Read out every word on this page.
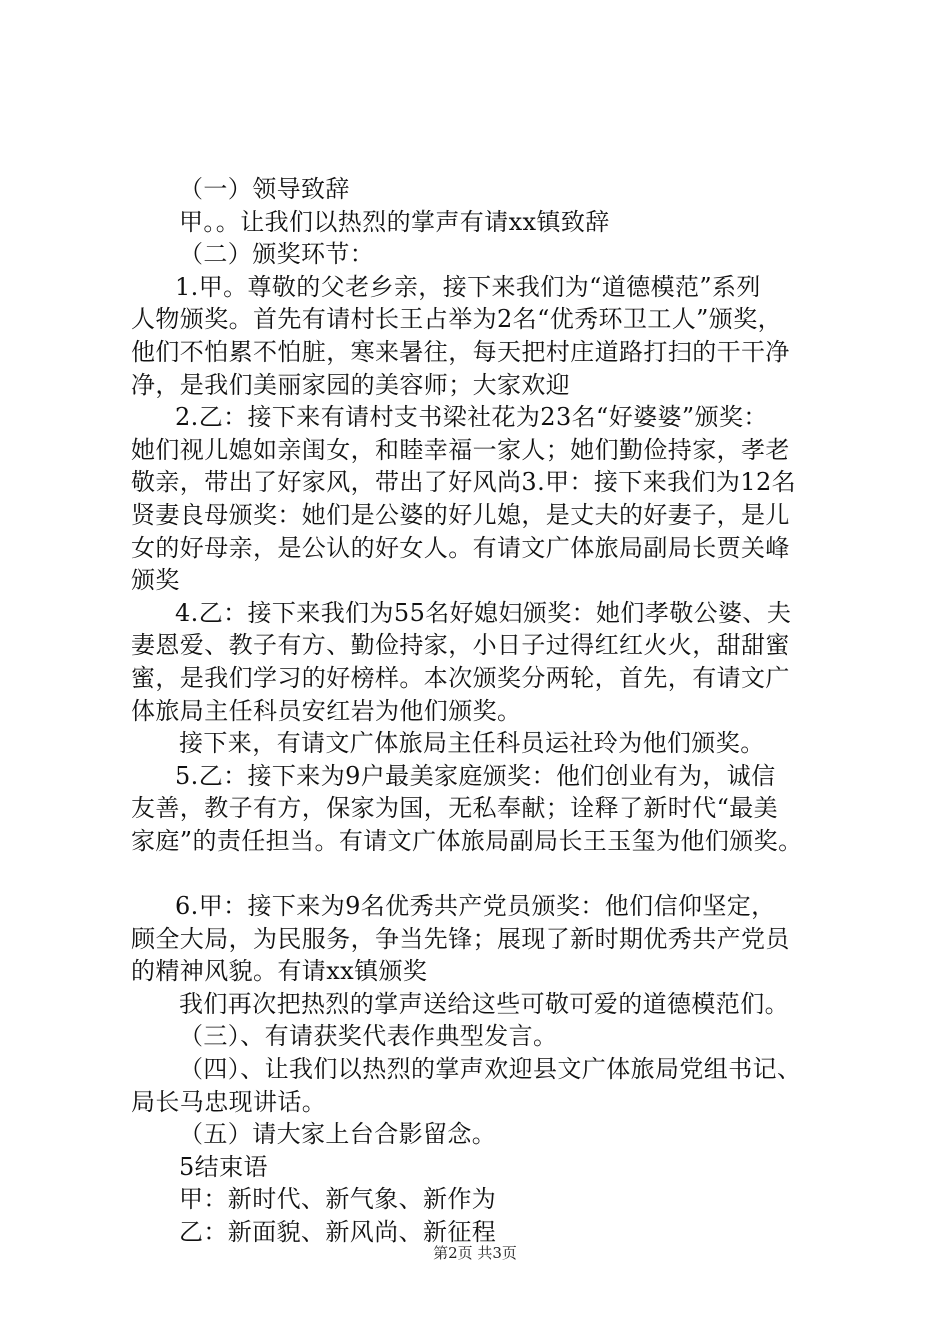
（一）领导致辞
甲。。让我们以热烈的掌声有请xx镇致辞
（二）颁奖环节：
1.甲。尊敬的父老乡亲，接下来我们为“道德模范”系列
人物颁奖。首先有请村长王占举为2名“优秀环卫工人”颁奖，
他们不怕累不怕脏，寒来暑往，每天把村庄道路打扫的干干净
净，是我们美丽家园的美容师；大家欢迎
2.乙：接下来有请村支书梁社花为23名“好婆婆”颁奖：
她们视儿媳如亲闺女，和睦幸福一家人；她们勤俭持家，孝老
敬亲，带出了好家风，带出了好风尚3.甲：接下来我们为12名
贤妻良母颁奖：她们是公婆的好儿媳，是丈夫的好妻子，是儿
女的好母亲，是公认的好女人。有请文广体旅局副局长贾关峰
颁奖
4.乙：接下来我们为55名好媳妇颁奖：她们孝敬公婆、夫
妻恩爱、教子有方、勤俭持家，小日子过得红红火火，甜甜蜜
蜜，是我们学习的好榜样。本次颁奖分两轮，首先，有请文广
体旅局主任科员安红岩为他们颁奖。
接下来，有请文广体旅局主任科员运社玲为他们颁奖。
5.乙：接下来为9户最美家庭颁奖：他们创业有为，诚信
友善，教子有方，保家为国，无私奉献；诠释了新时代“最美
家庭”的责任担当。有请文广体旅局副局长王玉玺为他们颁奖。
6.甲：接下来为9名优秀共产党员颁奖：他们信仰坚定，
顾全大局，为民服务，争当先锋；展现了新时期优秀共产党员
的精神风貌。有请xx镇颁奖
我们再次把热烈的掌声送给这些可敬可爱的道德模范们。
（三）、有请获奖代表作典型发言。
（四）、让我们以热烈的掌声欢迎县文广体旅局党组书记、
局长马忠现讲话。
（五）请大家上台合影留念。
5结束语
甲：新时代、新气象、新作为
乙：新面貌、新风尚、新征程
第2页 共3页
